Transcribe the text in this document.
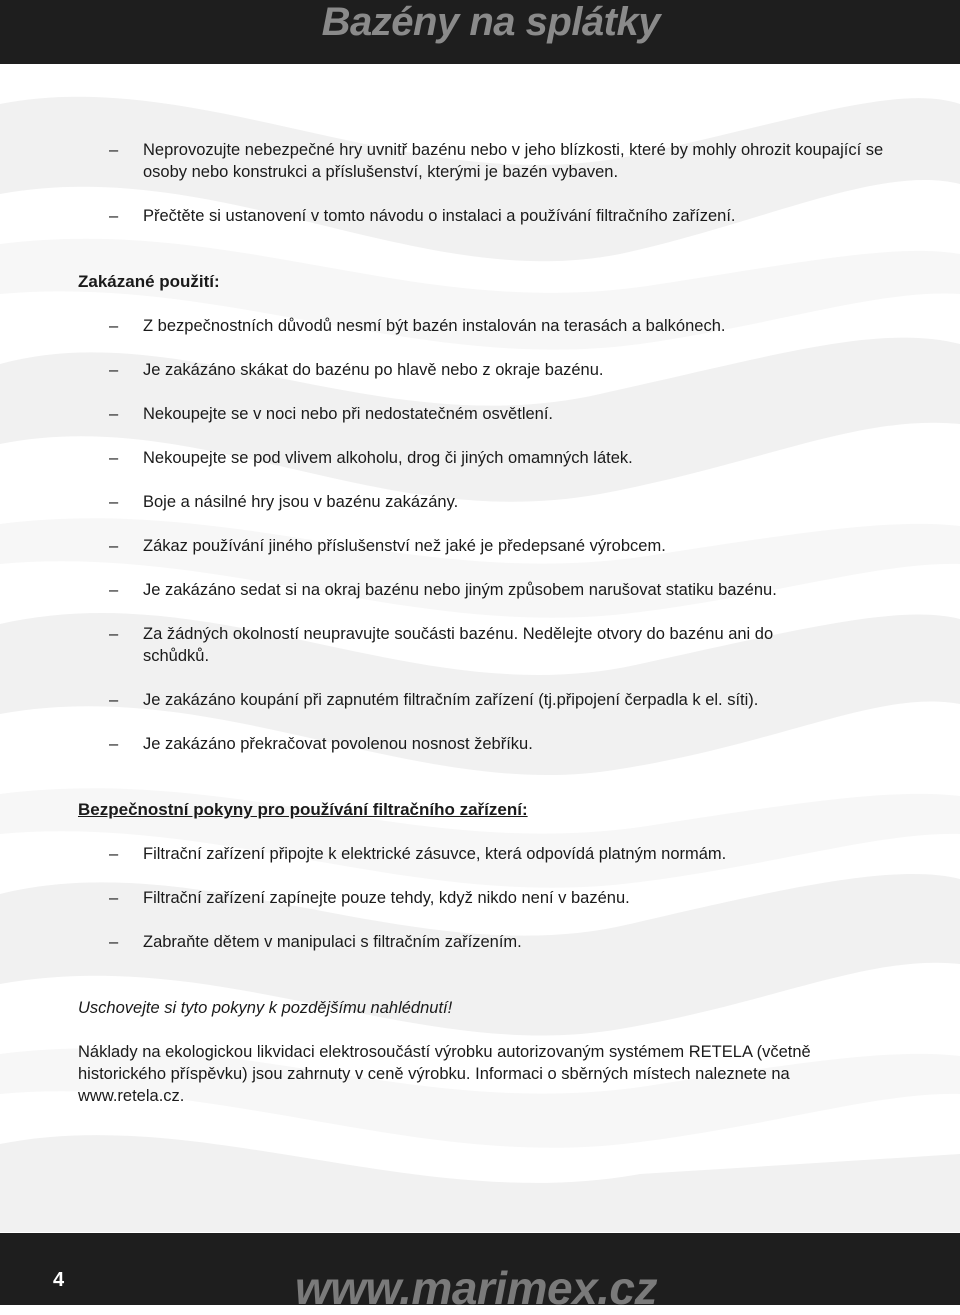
Bazény na splátky
– Neprovozujte nebezpečné hry uvnitř bazénu nebo v jeho blízkosti, které by mohly ohrozit koupající se osoby nebo konstrukci a příslušenství, kterými je bazén vybaven.
– Přečtěte si ustanovení v tomto návodu o instalaci a používání filtračního zařízení.
Zakázané použití:
– Z bezpečnostních důvodů nesmí být bazén instalován na terasách a balkónech.
– Je zakázáno skákat do bazénu po hlavě nebo z okraje bazénu.
– Nekoupejte se v noci nebo při nedostatečném osvětlení.
– Nekoupejte se pod vlivem alkoholu, drog či jiných omamných látek.
– Boje a násilné hry jsou v bazénu zakázány.
– Zákaz používání jiného příslušenství než jaké je předepsané výrobcem.
– Je zakázáno sedat si na okraj bazénu nebo jiným způsobem narušovat statiku bazénu.
– Za žádných okolností neupravujte součásti bazénu. Nedělejte otvory do bazénu ani do schůdků.
– Je zakázáno koupání při zapnutém filtračním zařízení (tj.připojení čerpadla k el. síti).
– Je zakázáno překračovat povolenou nosnost žebříku.
Bezpečnostní pokyny pro používání filtračního zařízení:
– Filtrační zařízení připojte k elektrické zásuvce, která odpovídá platným normám.
– Filtrační zařízení zapínejte pouze tehdy, když nikdo není v bazénu.
– Zabraňte dětem v manipulaci s filtračním zařízením.
Uschovejte si tyto pokyny k pozdějšímu nahlédnutí!
Náklady na ekologickou likvidaci elektrosoučástí výrobku autorizovaným systémem RETELA (včetně historického příspěvku) jsou zahrnuty v ceně výrobku. Informaci o sběrných místech naleznete na www.retela.cz.
4	www.marimex.cz
